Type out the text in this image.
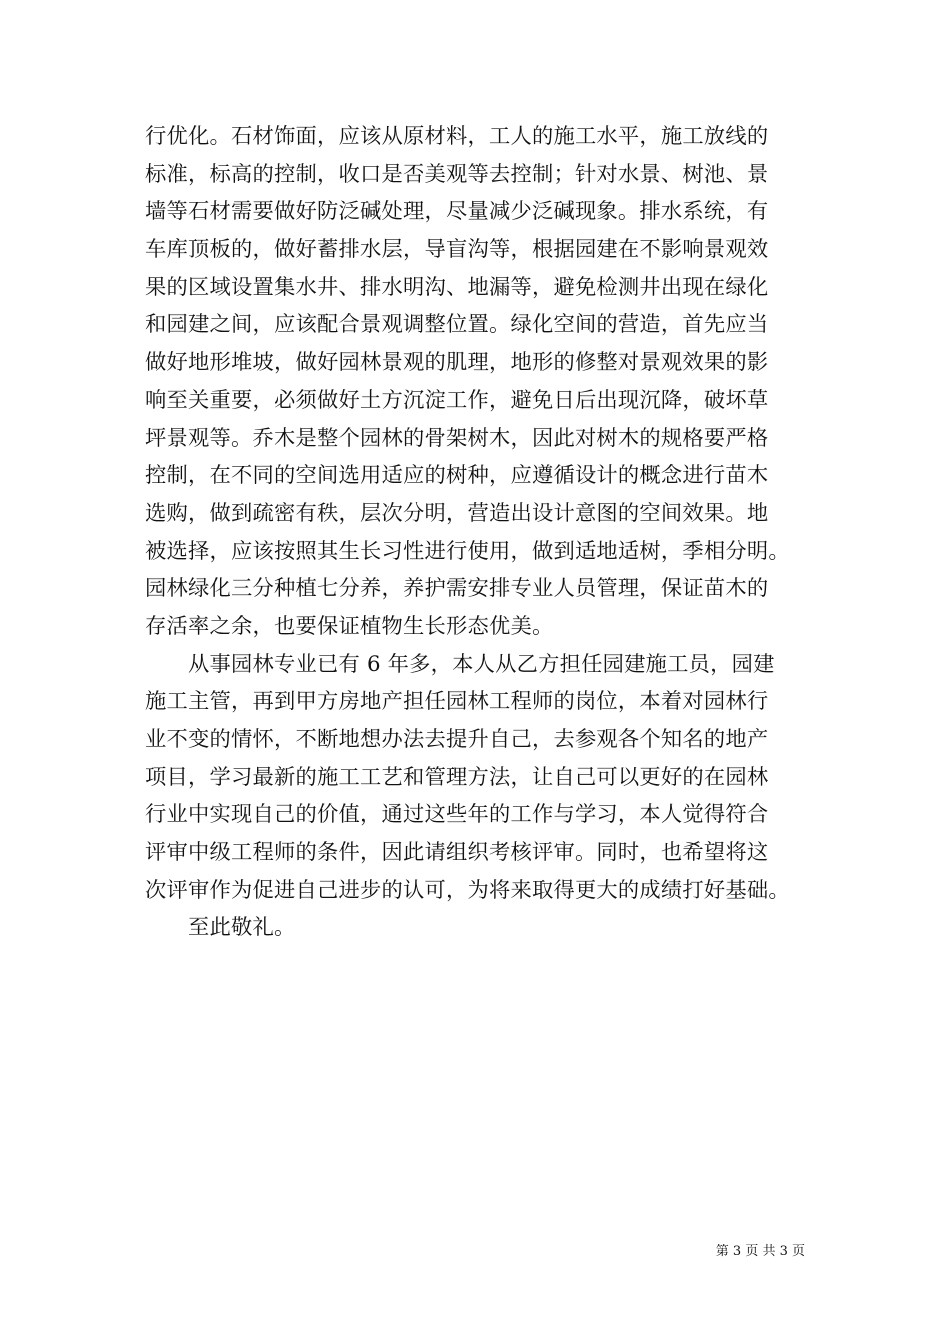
行优化。石材饰面，应该从原材料，工人的施工水平，施工放线的
标准，标高的控制，收口是否美观等去控制；针对水景、树池、景
墙等石材需要做好防泛碱处理，尽量减少泛碱现象。排水系统，有
车库顶板的，做好蓄排水层，导盲沟等，根据园建在不影响景观效
果的区域设置集水井、排水明沟、地漏等，避免检测井出现在绿化
和园建之间，应该配合景观调整位置。绿化空间的营造，首先应当
做好地形堆坡，做好园林景观的肌理，地形的修整对景观效果的影
响至关重要，必须做好土方沉淀工作，避免日后出现沉降，破坏草
坪景观等。乔木是整个园林的骨架树木，因此对树木的规格要严格
控制，在不同的空间选用适应的树种，应遵循设计的概念进行苗木
选购，做到疏密有秩，层次分明，营造出设计意图的空间效果。地
被选择，应该按照其生长习性进行使用，做到适地适树，季相分明。
园林绿化三分种植七分养，养护需安排专业人员管理，保证苗木的
存活率之余，也要保证植物生长形态优美。
从事园林专业已有 6 年多，本人从乙方担任园建施工员，园建
施工主管，再到甲方房地产担任园林工程师的岗位，本着对园林行
业不变的情怀，不断地想办法去提升自己，去参观各个知名的地产
项目，学习最新的施工工艺和管理方法，让自己可以更好的在园林
行业中实现自己的价值，通过这些年的工作与学习，本人觉得符合
评审中级工程师的条件，因此请组织考核评审。同时，也希望将这
次评审作为促进自己进步的认可，为将来取得更大的成绩打好基础。
至此敬礼。
第 3 页 共 3 页
